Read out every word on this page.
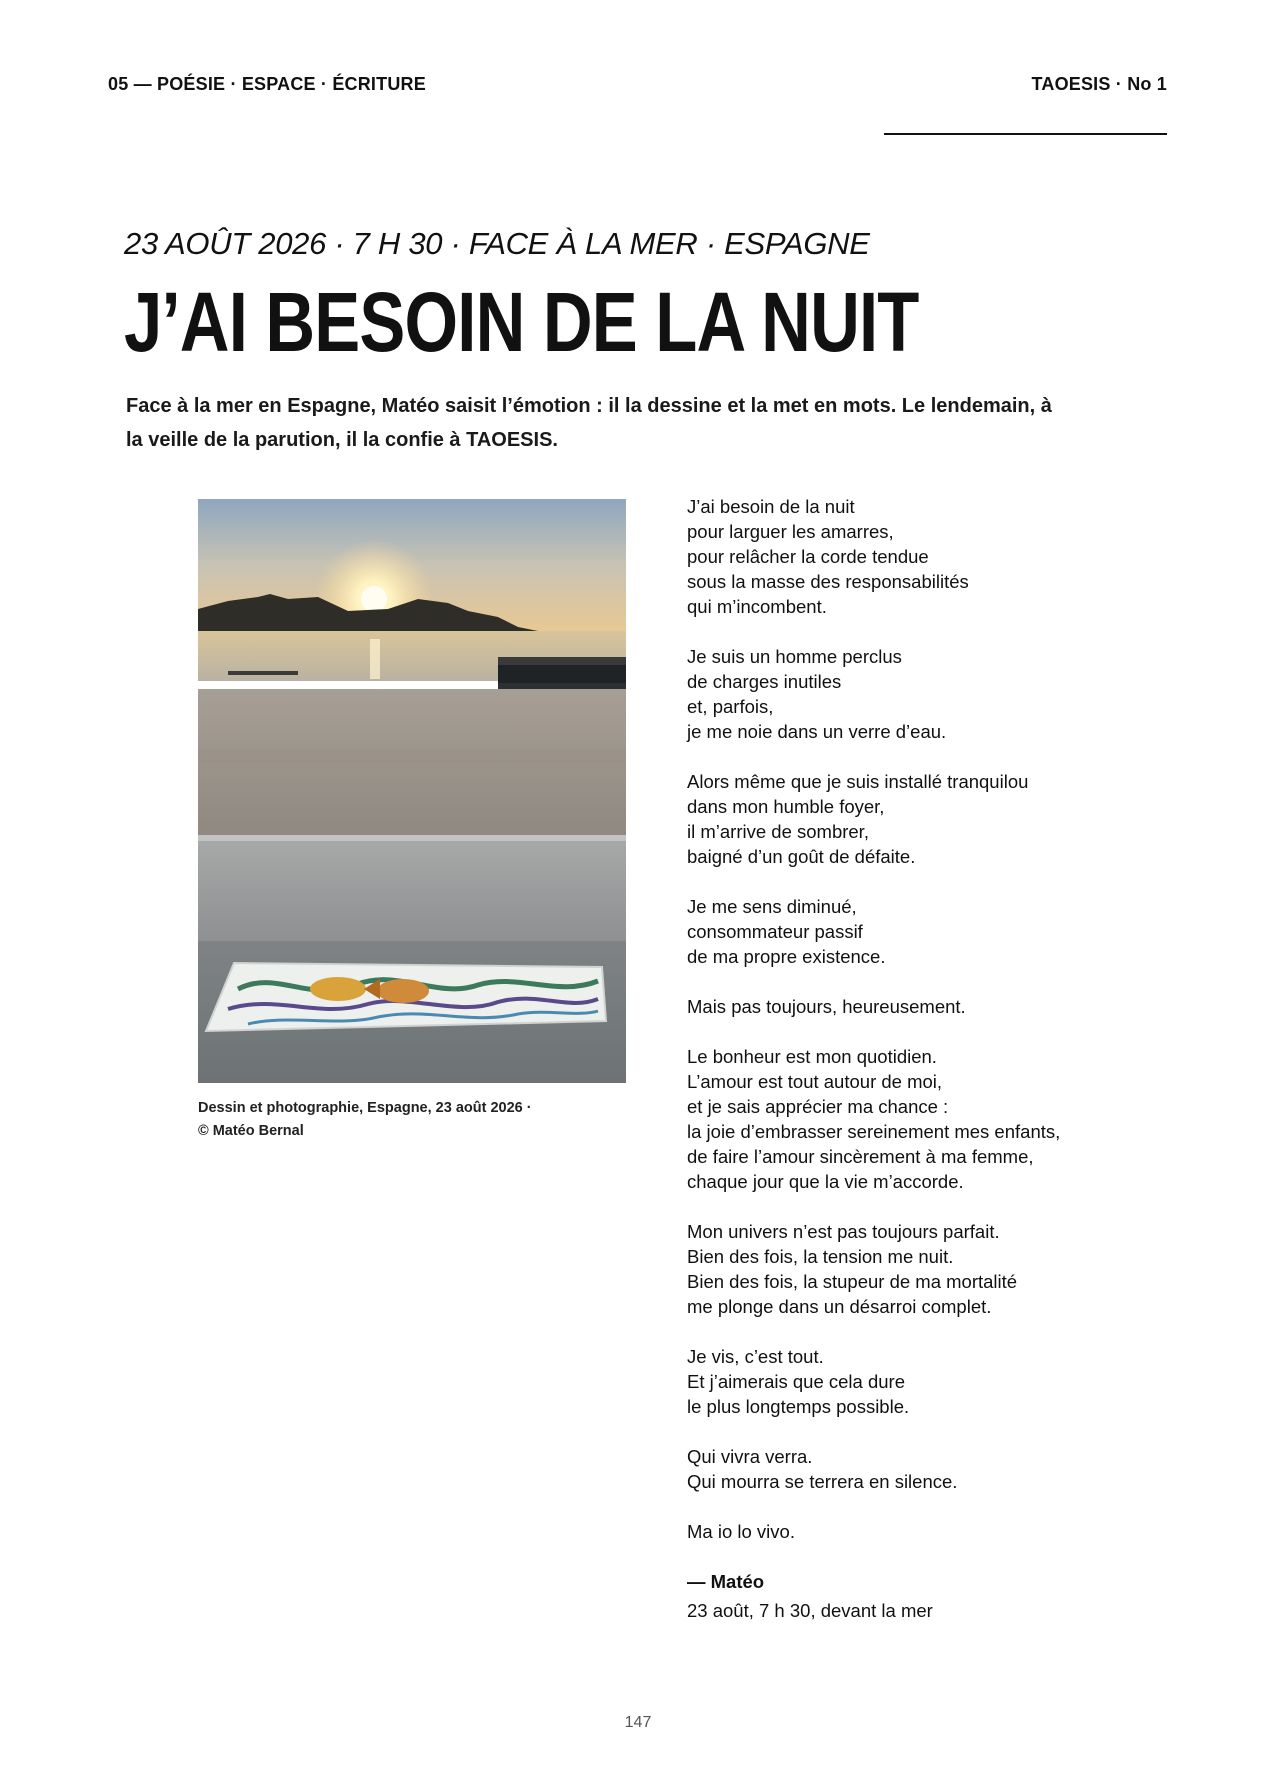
05 — POÉSIE · ESPACE · ÉCRITURE	TAOESIS · No 1
23 AOÛT 2026 · 7 H 30 · FACE À LA MER · ESPAGNE
J’AI BESOIN DE LA NUIT
Face à la mer en Espagne, Matéo saisit l’émotion : il la dessine et la met en mots. Le lendemain, à la veille de la parution, il la confie à TAOESIS.
Dessin et photographie, Espagne, 23 août 2026 ·
© Matéo Bernal
J’ai besoin de la nuit
pour larguer les amarres,
pour relâcher la corde tendue
sous la masse des responsabilités
qui m’incombent.
Je suis un homme perclus
de charges inutiles
et, parfois,
je me noie dans un verre d’eau.
Alors même que je suis installé tranquilou
dans mon humble foyer,
il m’arrive de sombrer,
baigné d’un goût de défaite.
Je me sens diminué,
consommateur passif
de ma propre existence.
Mais pas toujours, heureusement.
Le bonheur est mon quotidien.
L’amour est tout autour de moi,
et je sais apprécier ma chance :
la joie d’embrasser sereinement mes enfants,
de faire l’amour sincèrement à ma femme,
chaque jour que la vie m’accorde.
Mon univers n’est pas toujours parfait.
Bien des fois, la tension me nuit.
Bien des fois, la stupeur de ma mortalité
me plonge dans un désarroi complet.
Je vis, c’est tout.
Et j’aimerais que cela dure
le plus longtemps possible.
Qui vivra verra.
Qui mourra se terrera en silence.
Ma io lo vivo.
— Matéo
23 août, 7 h 30, devant la mer
147
